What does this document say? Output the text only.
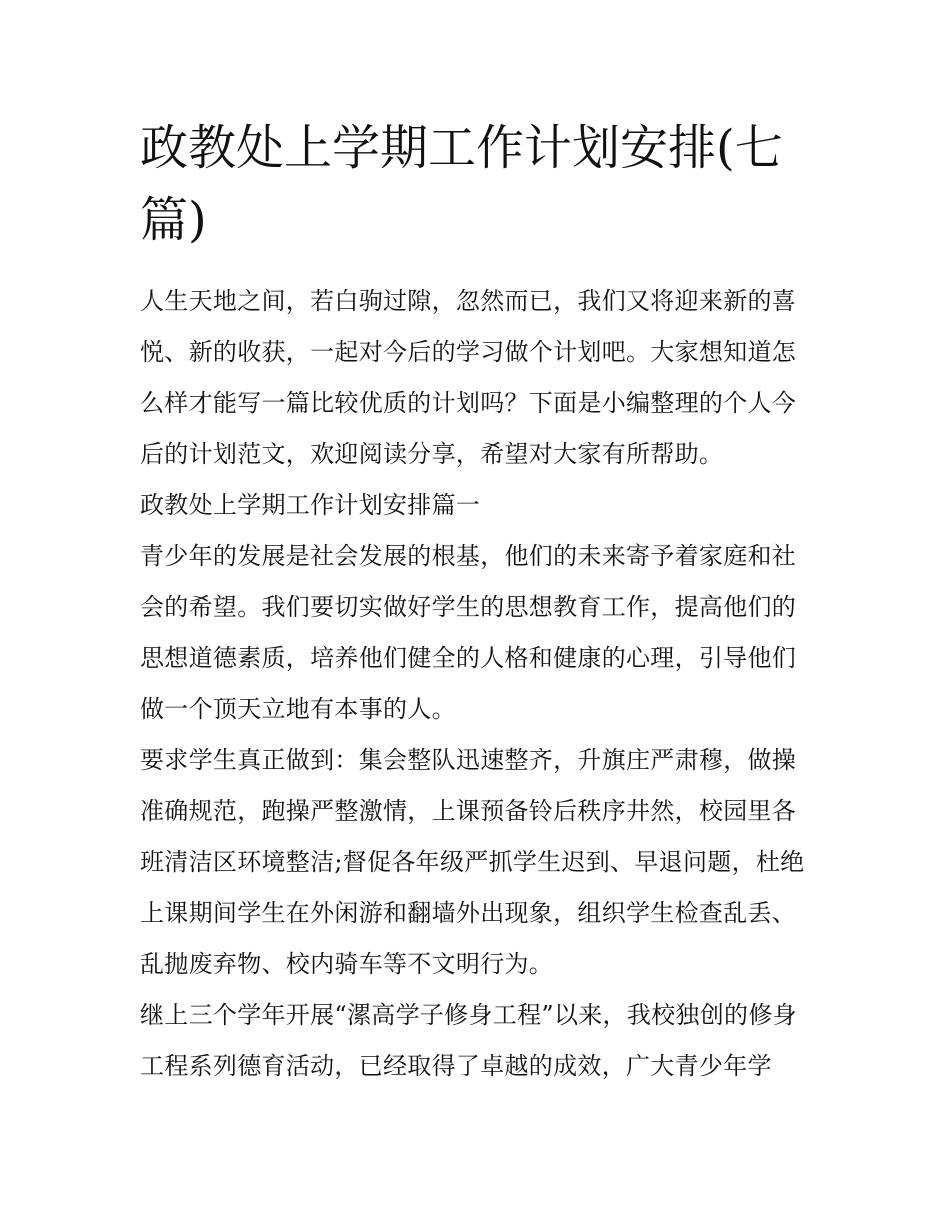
政教处上学期工作计划安排(七篇)

人生天地之间，若白驹过隙，忽然而已，我们又将迎来新的喜悦、新的收获，一起对今后的学习做个计划吧。大家想知道怎么样才能写一篇比较优质的计划吗？下面是小编整理的个人今后的计划范文，欢迎阅读分享，希望对大家有所帮助。

政教处上学期工作计划安排篇一

青少年的发展是社会发展的根基，他们的未来寄予着家庭和社会的希望。我们要切实做好学生的思想教育工作，提高他们的思想道德素质，培养他们健全的人格和健康的心理，引导他们做一个顶天立地有本事的人。

要求学生真正做到：集会整队迅速整齐，升旗庄严肃穆，做操准确规范，跑操严整激情，上课预备铃后秩序井然，校园里各班清洁区环境整洁;督促各年级严抓学生迟到、早退问题，杜绝上课期间学生在外闲游和翻墙外出现象，组织学生检查乱丢、乱抛废弃物、校内骑车等不文明行为。

继上三个学年开展“漯高学子修身工程”以来，我校独创的修身工程系列德育活动，已经取得了卓越的成效，广大青少年学
